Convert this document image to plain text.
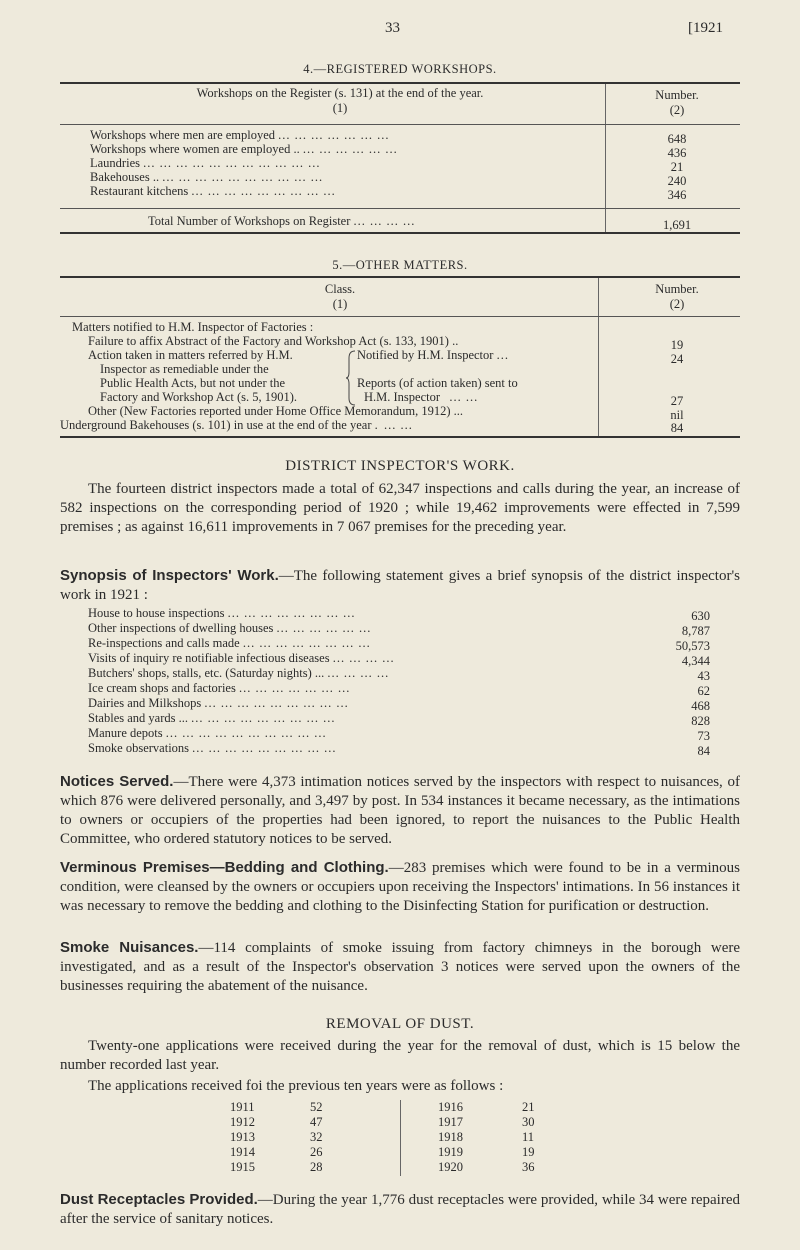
33	[1921
4.—REGISTERED WORKSHOPS.
Workshops on the Register (s. 131) at the end of the year.
(1)
Number.
(2)
Workshops where men are employed ... ... ... ... ... ... ...	648
Workshops where women are employed .. ... ... ... ... ... ...	436
Laundries ... ... ... ... ... ... ... ... ... ... ...	21
Bakehouses .. ... ... ... ... ... ... ... ... ... ...	240
Restaurant kitchens ... ... ... ... ... ... ... ... ...	346
Total Number of Workshops on Register ... ... ... ...	1,691
5.—OTHER MATTERS.
Class.
(1)
Number.
(2)
Matters notified to H.M. Inspector of Factories :
Failure to affix Abstract of the Factory and Workshop Act (s. 133, 1901) ..	19
Action taken in matters referred by H.M.
Inspector as remediable under the
Public Health Acts, but not under the
Factory and Workshop Act (s. 5, 1901).
Notified by H.M. Inspector ...	24
Reports (of action taken) sent to
H.M. Inspector ... ...	27
Other (New Factories reported under Home Office Memorandum, 1912) ...	nil
Underground Bakehouses (s. 101) in use at the end of the year . ... ...	84
DISTRICT INSPECTOR'S WORK.
The fourteen district inspectors made a total of 62,347 inspections and calls during the year, an increase of 582 inspections on the corresponding period of 1920 ; while 19,462 improvements were effected in 7,599 premises ; as against 16,611 improvements in 7 067 premises for the preceding year.
Synopsis of Inspectors' Work.—The following statement gives a brief synopsis of the district inspector's work in 1921 :
House to house inspections ... ... ... ... ... ... ... ...	630
Other inspections of dwelling houses ... ... ... ... ... ...	8,787
Re-inspections and calls made ... ... ... ... ... ... ... ...	50,573
Visits of inquiry re notifiable infectious diseases ... ... ... ...	4,344
Butchers' shops, stalls, etc. (Saturday nights) ... ... ... ... ...	43
Ice cream shops and factories ... ... ... ... ... ... ...	62
Dairies and Milkshops ... ... ... ... ... ... ... ... ...	468
Stables and yards ... ... ... ... ... ... ... ... ... ...	828
Manure depots ... ... ... ... ... ... ... ... ... ...	73
Smoke observations ... ... ... ... ... ... ... ... ...	84
Notices Served.—There were 4,373 intimation notices served by the inspectors with respect to nuisances, of which 876 were delivered personally, and 3,497 by post. In 534 instances it became necessary, as the intimations to owners or occupiers of the properties had been ignored, to report the nuisances to the Public Health Committee, who ordered statutory notices to be served.
Verminous Premises—Bedding and Clothing.—283 premises which were found to be in a verminous condition, were cleansed by the owners or occupiers upon receiving the Inspectors' intimations. In 56 instances it was necessary to remove the bedding and clothing to the Disinfecting Station for purification or destruction.
Smoke Nuisances.—114 complaints of smoke issuing from factory chimneys in the borough were investigated, and as a result of the Inspector's observation 3 notices were served upon the owners of the businesses requiring the abatement of the nuisance.
REMOVAL OF DUST.
Twenty-one applications were received during the year for the removal of dust, which is 15 below the number recorded last year.
The applications received foi the previous ten years were as follows :
1911	52
1912	47
1913	32
1914	26
1915	28
1916	21
1917	30
1918	11
1919	19
1920	36
Dust Receptacles Provided.—During the year 1,776 dust receptacles were provided, while 34 were repaired after the service of sanitary notices.
